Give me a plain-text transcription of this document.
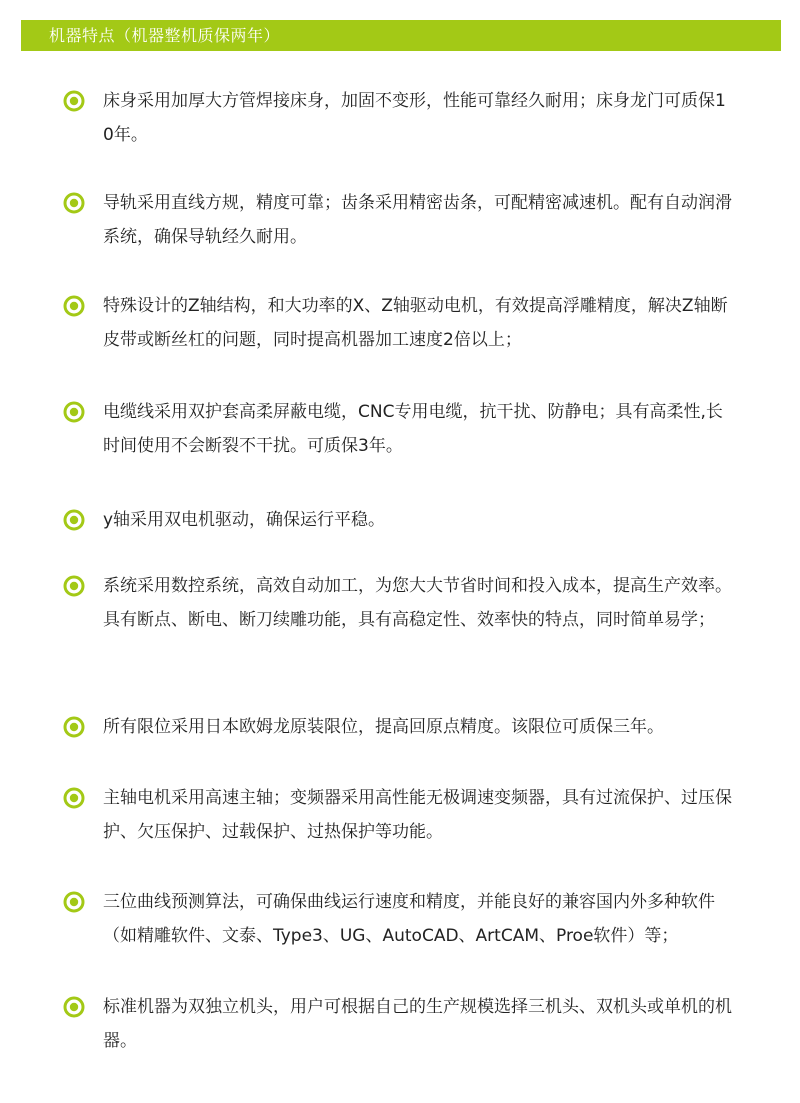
机器特点（机器整机质保两年）
床身采用加厚大方管焊接床身，加固不变形，性能可靠经久耐用；床身龙门可质保10年。
导轨采用直线方规，精度可靠；齿条采用精密齿条，可配精密减速机。配有自动润滑系统，确保导轨经久耐用。
特殊设计的Z轴结构，和大功率的X、Z轴驱动电机，有效提高浮雕精度，解决Z轴断皮带或断丝杠的问题，同时提高机器加工速度2倍以上；
电缆线采用双护套高柔屏蔽电缆，CNC专用电缆，抗干扰、防静电；具有高柔性,长时间使用不会断裂不干扰。可质保3年。
y轴采用双电机驱动，确保运行平稳。
系统采用数控系统，高效自动加工，为您大大节省时间和投入成本，提高生产效率。具有断点、断电、断刀续雕功能，具有高稳定性、效率快的特点，同时简单易学；
所有限位采用日本欧姆龙原装限位，提高回原点精度。该限位可质保三年。
主轴电机采用高速主轴；变频器采用高性能无极调速变频器，具有过流保护、过压保护、欠压保护、过载保护、过热保护等功能。
三位曲线预测算法，可确保曲线运行速度和精度，并能良好的兼容国内外多种软件（如精雕软件、文泰、Type3、UG、AutoCAD、ArtCAM、Proe软件）等；
标准机器为双独立机头，用户可根据自己的生产规模选择三机头、双机头或单机的机器。
